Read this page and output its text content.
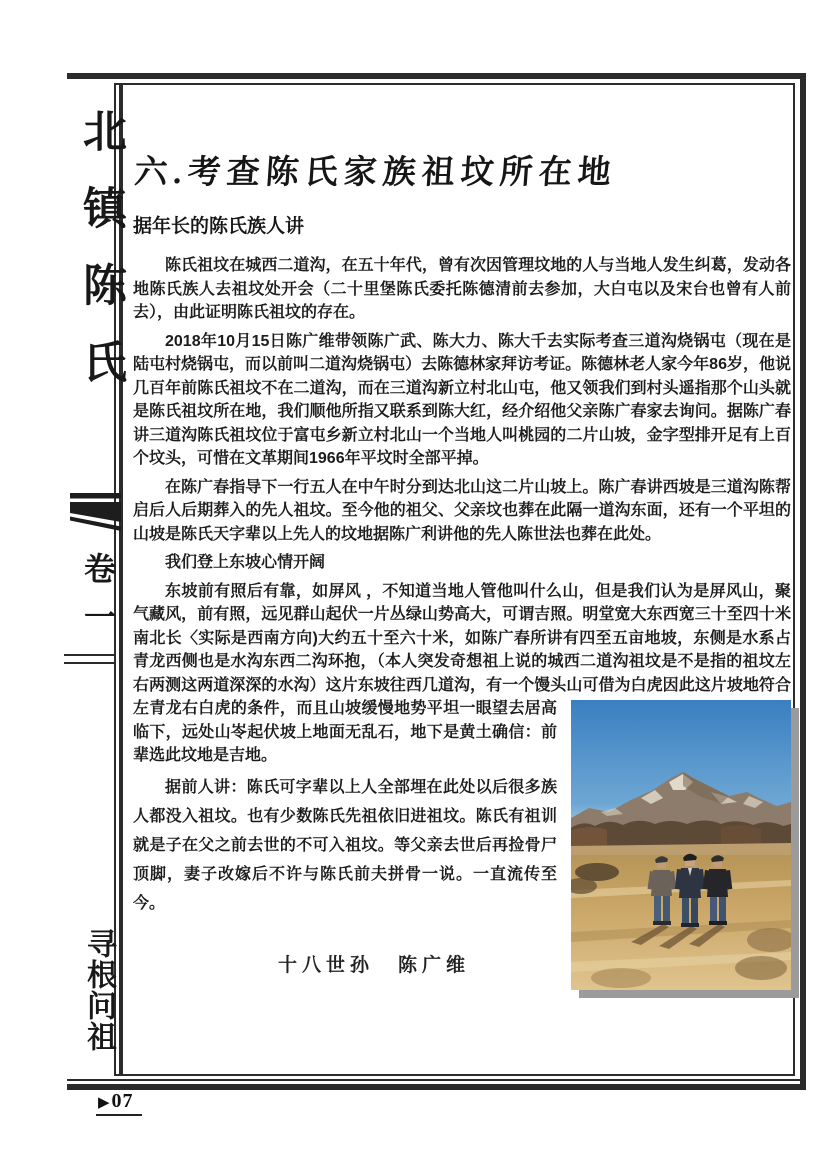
北镇陈氏
卷一
寻根问祖
▶ 07
六.考查陈氏家族祖坟所在地
据年长的陈氏族人讲

陈氏祖坟在城西二道沟，在五十年代，曾有次因管理坟地的人与当地人发生纠葛，发动各地陈氏族人去祖坟处开会（二十里堡陈氏委托陈德清前去参加，大白屯以及宋台也曾有人前去），由此证明陈氏祖坟的存在。

2018年10月15日陈广维带领陈广武、陈大力、陈大千去实际考查三道沟烧锅屯（现在是陆屯村烧锅屯，而以前叫二道沟烧锅屯）去陈德林家拜访考证。陈德林老人家今年86岁，他说几百年前陈氏祖坟不在二道沟，而在三道沟新立村北山屯，他又领我们到村头遥指那个山头就是陈氏祖坟所在地，我们顺他所指又联系到陈大红，经介绍他父亲陈广春家去询问。据陈广春讲三道沟陈氏祖坟位于富屯乡新立村北山一个当地人叫桃园的二片山坡，金字型排开足有上百个坟头，可惜在文革期间1966年平坟时全部平掉。

在陈广春指导下一行五人在中午时分到达北山这二片山坡上。陈广春讲西坡是三道沟陈帮启后人后期葬入的先人祖坟。至今他的祖父、父亲坟也葬在此隔一道沟东面，还有一个平坦的山坡是陈氏天字辈以上先人的坟地据陈广利讲他的先人陈世法也葬在此处。

我们登上东坡心情开阔

东坡前有照后有靠，如屏风 ，不知道当地人管他叫什么山，但是我们认为是屏风山，聚气藏风，前有照，远见群山起伏一片丛绿山势高大，可谓吉照。明堂宽大东西宽三十至四十米南北长〈实际是西南方向)大约五十至六十米，如陈广春所讲有四至五亩地坡，东侧是水系占青龙西侧也是水沟东西二沟环抱，（本人突发奇想祖上说的城西二道沟祖坟是不是指的祖坟左右两测这两道深深的水沟）这片东坡往西几道沟，有一个馒头山可借为白虎因此这片坡地符合
左青龙右白虎的条件，而且山坡缓慢地势平坦一眼望去居高临下，远处山岺起伏坡上地面无乱石，地下是黄土确信：前辈选此坟地是吉地。

据前人讲：陈氏可字辈以上人全部埋在此处以后很多族人都没入祖坟。也有少数陈氏先祖依旧进祖坟。陈氏有祖训就是子在父之前去世的不可入祖坟。等父亲去世后再捡骨尸顶脚，妻子改嫁后不许与陈氏前夫拼骨一说。一直流传至今。

十八世孙　陈广维
